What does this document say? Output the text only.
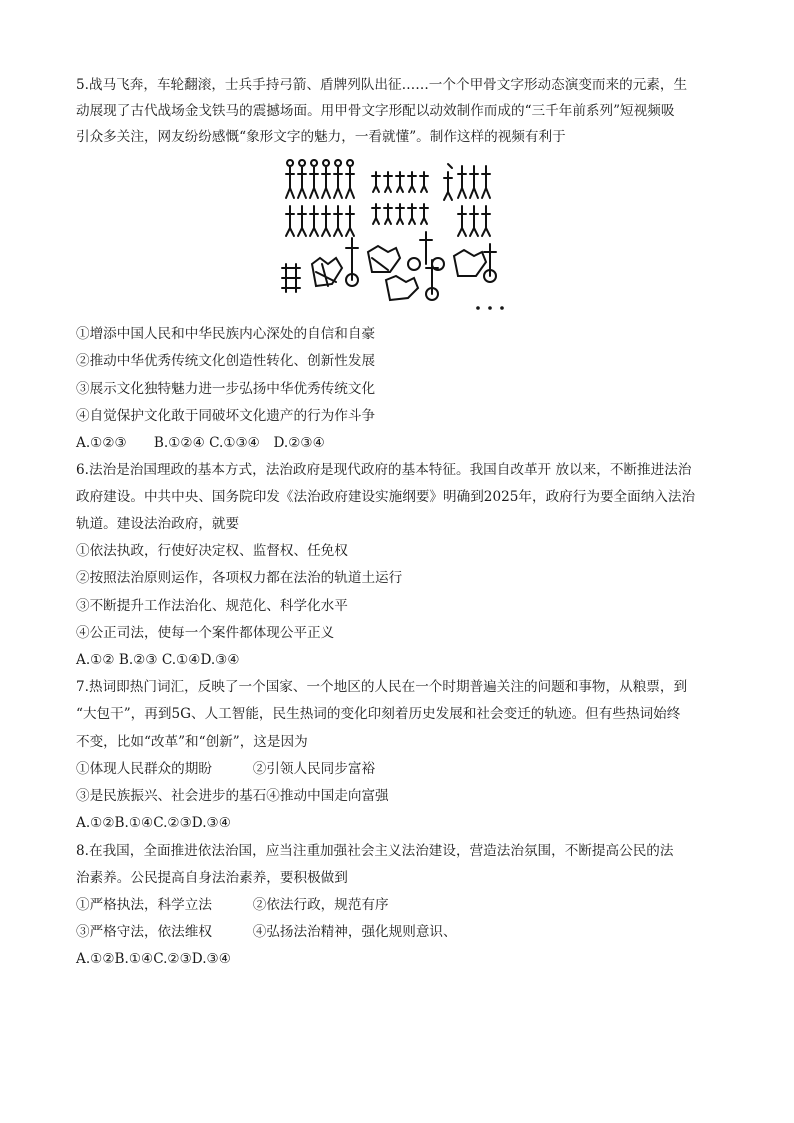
5.战马飞奔，车轮翻滚，士兵手持弓箭、盾牌列队出征……一个个甲骨文字形动态演变而来的元素，生
动展现了古代战场金戈铁马的震撼场面。用甲骨文字形配以动效制作而成的“三千年前系列”短视频吸
引众多关注，网友纷纷感慨“象形文字的魅力，一看就懂”。制作这样的视频有利于
①增添中国人民和中华民族内心深处的自信和自豪
②推动中华优秀传统文化创造性转化、创新性发展
③展示文化独特魅力进一步弘扬中华优秀传统文化
④自觉保护文化敢于同破坏文化遗产的行为作斗争
A.①②③　　B.①②④ C.①③④　D.②③④
6.法治是治国理政的基本方式，法治政府是现代政府的基本特征。我国自改革开 放以来，不断推进法治
政府建设。中共中央、国务院印发《法治政府建设实施纲要》明确到2025年，政府行为要全面纳入法治
轨道。建设法治政府，就要
①依法执政，行使好决定权、监督权、任免权
②按照法治原则运作，各项权力都在法治的轨道土运行
③不断提升工作法治化、规范化、科学化水平
④公正司法，使每一个案件都体现公平正义
A.①② B.②③ C.①④D.③④
7.热词即热门词汇，反映了一个国家、一个地区的人民在一个时期普遍关注的问题和事物，从粮票，到
“大包干”，再到5G、人工智能，民生热词的变化印刻着历史发展和社会变迁的轨迹。但有些热词始终
不变，比如“改革”和“创新”，这是因为
①体现人民群众的期盼　　　②引领人民同步富裕
③是民族振兴、社会进步的基石④推动中国走向富强
A.①②B.①④C.②③D.③④
8.在我国，全面推进依法治国，应当注重加强社会主义法治建设，营造法治氛围，不断提高公民的法
治素养。公民提高自身法治素养，要积极做到
①严格执法，科学立法　　　②依法行政，规范有序
③严格守法，依法维权　　　④弘扬法治精神，强化规则意识、
A.①②B.①④C.②③D.③④
